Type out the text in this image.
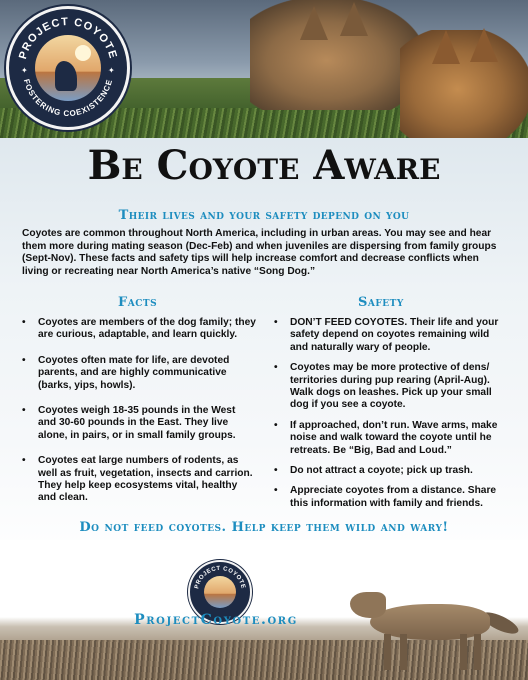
PROJECT COYOTE
FOSTERING COEXISTENCE
✦	✦
Be Coyote Aware
Their lives and your safety depend on you

Coyotes are common throughout North America, including in urban areas. You may see and hear them more during mating season (Dec-Feb) and when juveniles are dispersing from family groups (Sept-Nov). These facts and safety tips will help increase comfort and decrease conflicts when living or recreating near North America’s native “Song Dog.”

Facts
• Coyotes are members of the dog family; they are curious, adaptable, and learn quickly.
• Coyotes often mate for life, are devoted parents, and are highly communicative (barks, yips, howls).
• Coyotes weigh 18-35 pounds in the West and 30-60 pounds in the East. They live alone, in pairs, or in small family groups.
• Coyotes eat large numbers of rodents, as well as fruit, vegetation, insects and carrion. They help keep ecosystems vital, healthy and clean.
Safety
• DON’T FEED COYOTES. Their life and your safety depend on coyotes remaining wild and naturally wary of people.
• Coyotes may be more protective of dens/ territories during pup rearing (April-Aug). Walk dogs on leashes. Pick up your small dog if you see a coyote.
• If approached, don’t run. Wave arms, make noise and walk toward the coyote until he retreats. Be “Big, Bad and Loud.”
• Do not attract a coyote; pick up trash.
• Appreciate coyotes from a distance. Share this information with family and friends.
Do not feed coyotes. Help keep them wild and wary!
PROJECT COYOTE
ProjectCoyote.org
